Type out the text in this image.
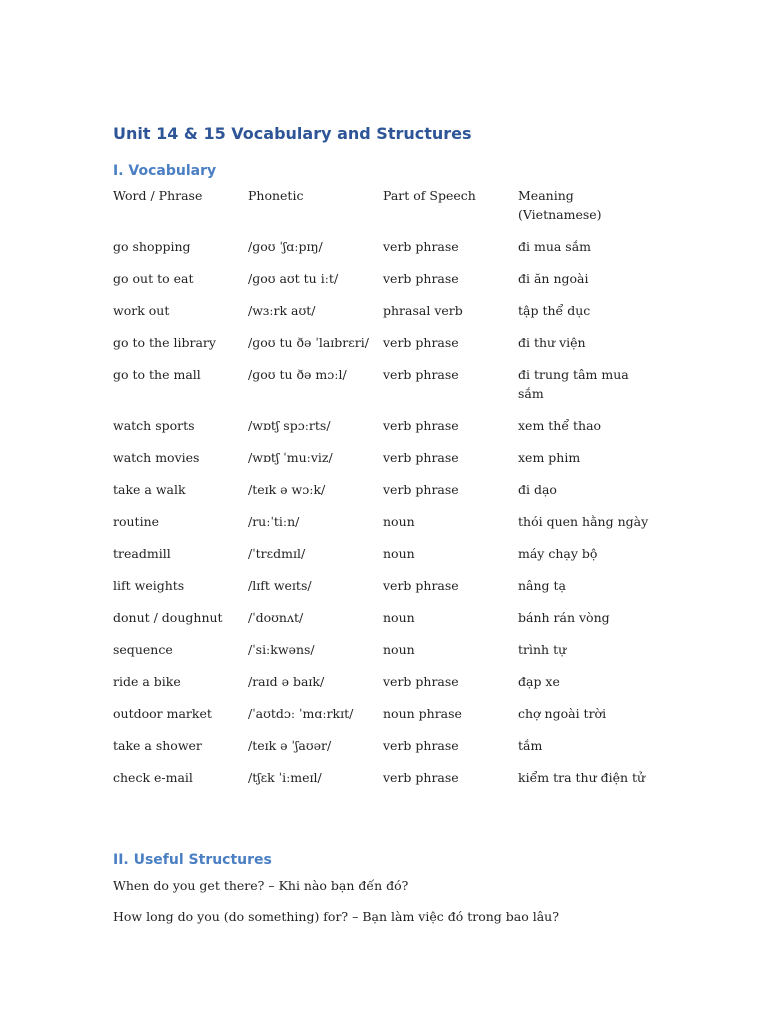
Unit 14 & 15 Vocabulary and Structures
I. Vocabulary
Word / Phrase	Phonetic	Part of Speech	Meaning (Vietnamese)
go shopping	/ɡoʊ ˈʃɑːpɪŋ/	verb phrase	đi mua sắm
go out to eat	/ɡoʊ aʊt tu iːt/	verb phrase	đi ăn ngoài
work out	/wɜːrk aʊt/	phrasal verb	tập thể dục
go to the library	/ɡoʊ tu ðə ˈlaɪbrɛri/	verb phrase	đi thư viện
go to the mall	/ɡoʊ tu ðə mɔːl/	verb phrase	đi trung tâm mua sắm
watch sports	/wɒtʃ spɔːrts/	verb phrase	xem thể thao
watch movies	/wɒtʃ ˈmuːviz/	verb phrase	xem phim
take a walk	/teɪk ə wɔːk/	verb phrase	đi dạo
routine	/ruːˈtiːn/	noun	thói quen hằng ngày
treadmill	/ˈtrɛdmɪl/	noun	máy chạy bộ
lift weights	/lɪft weɪts/	verb phrase	nâng tạ
donut / doughnut	/ˈdoʊnʌt/	noun	bánh rán vòng
sequence	/ˈsiːkwəns/	noun	trình tự
ride a bike	/raɪd ə baɪk/	verb phrase	đạp xe
outdoor market	/ˈaʊtdɔː ˈmɑːrkɪt/	noun phrase	chợ ngoài trời
take a shower	/teɪk ə ˈʃaʊər/	verb phrase	tắm
check e-mail	/tʃɛk ˈiːmeɪl/	verb phrase	kiểm tra thư điện tử
II. Useful Structures

When do you get there? – Khi nào bạn đến đó?

How long do you (do something) for? – Bạn làm việc đó trong bao lâu?
